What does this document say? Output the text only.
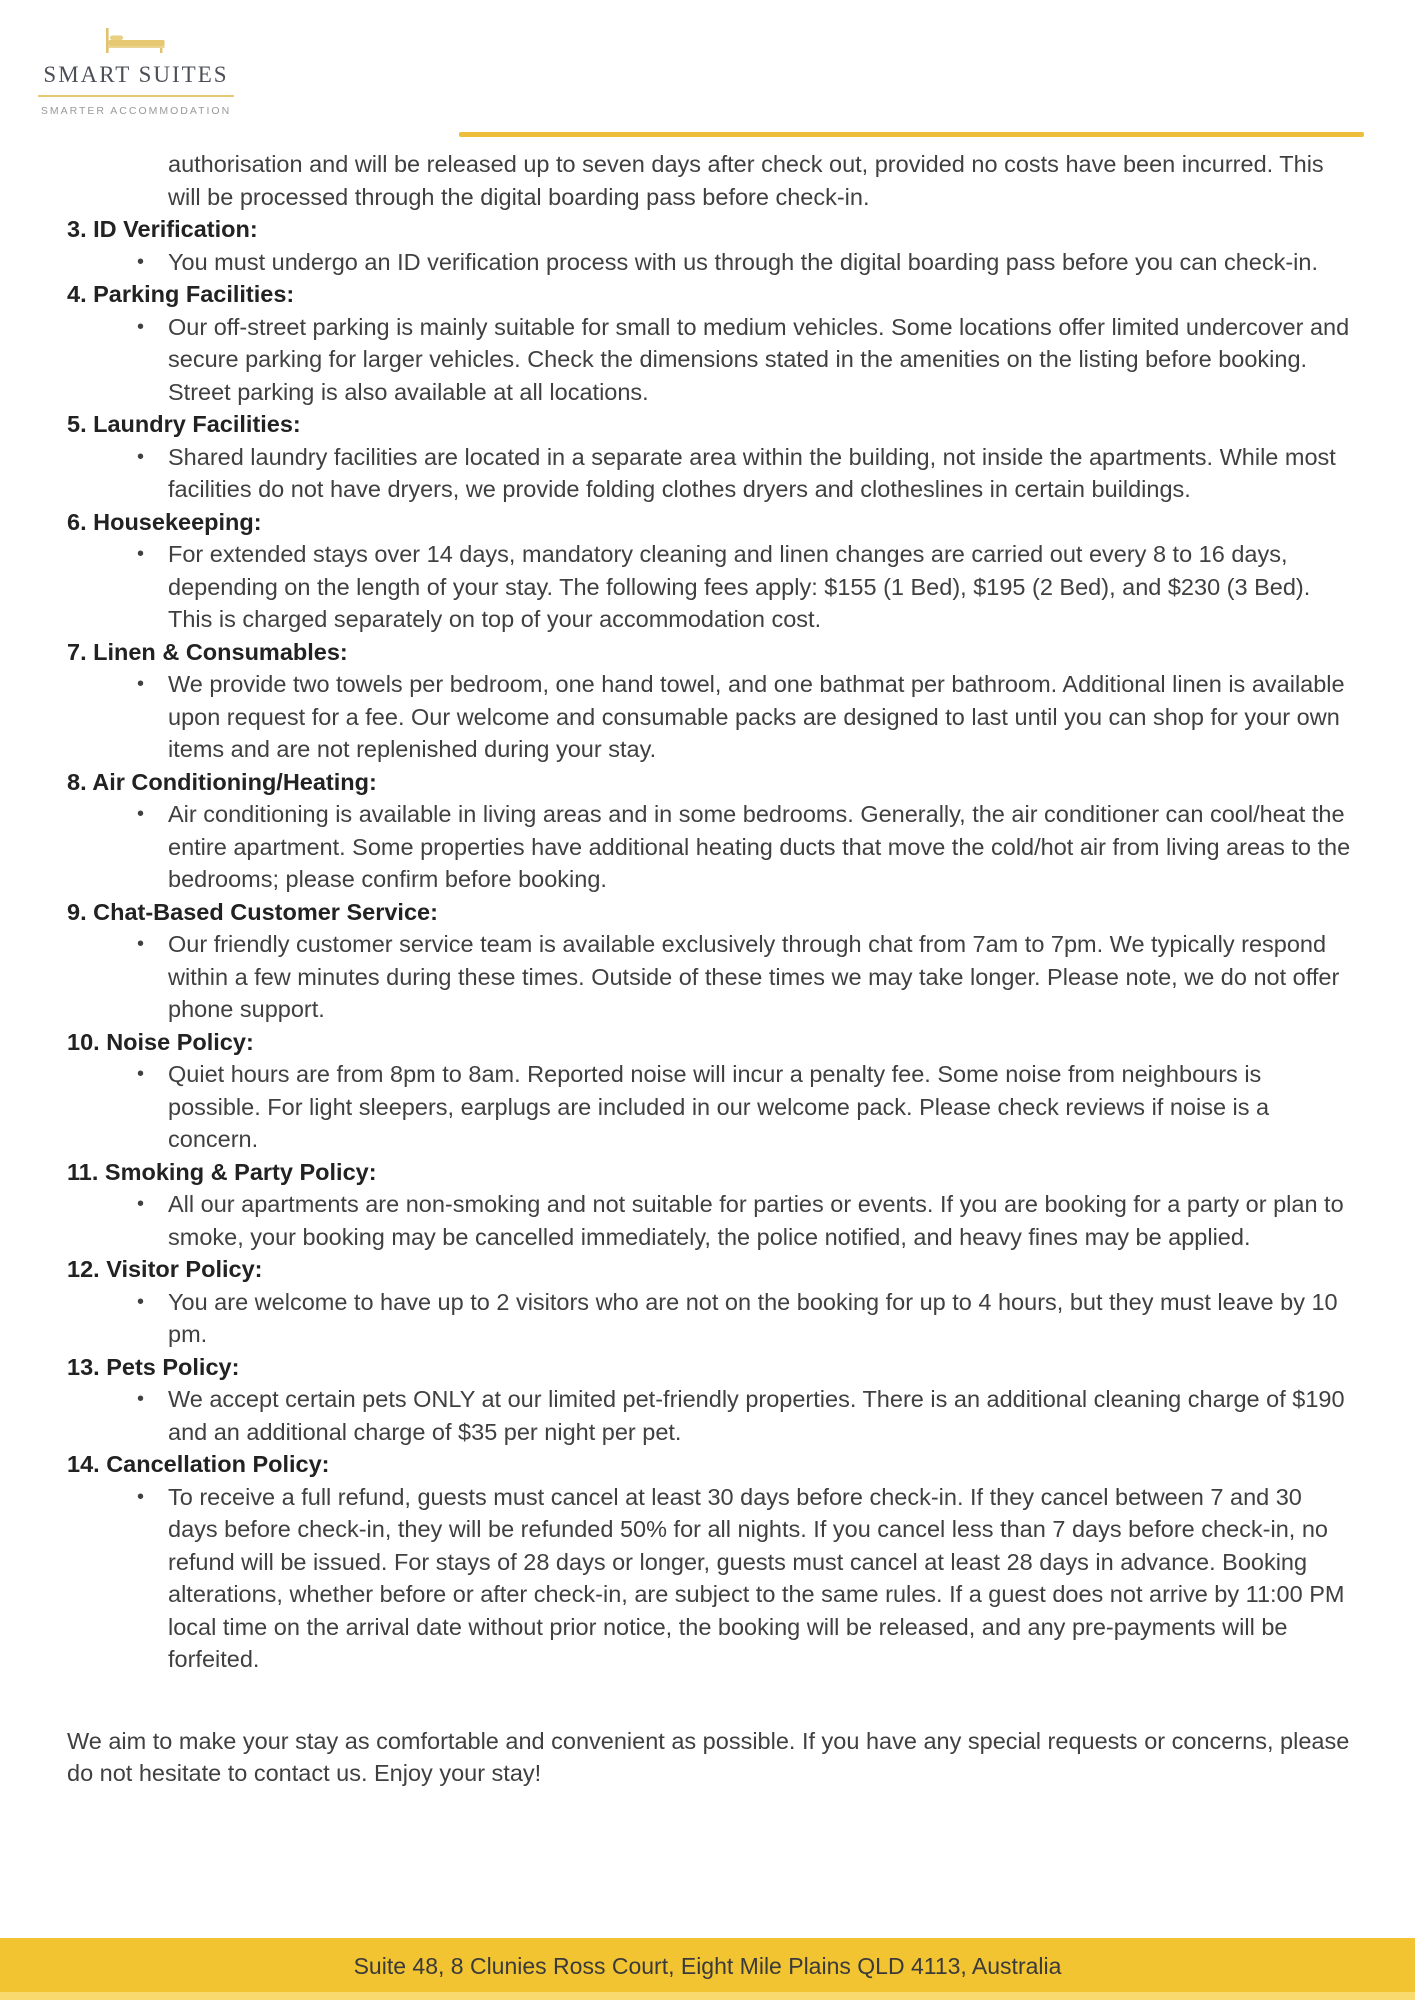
SMART SUITES
SMARTER ACCOMMODATION

authorisation and will be released up to seven days after check out, provided no costs have been incurred. This will be processed through the digital boarding pass before check-in.

3. ID Verification:
•	You must undergo an ID verification process with us through the digital boarding pass before you can check-in.
4. Parking Facilities:
•	Our off-street parking is mainly suitable for small to medium vehicles. Some locations offer limited undercover and secure parking for larger vehicles. Check the dimensions stated in the amenities on the listing before booking. Street parking is also available at all locations.
5. Laundry Facilities:
•	Shared laundry facilities are located in a separate area within the building, not inside the apartments. While most facilities do not have dryers, we provide folding clothes dryers and clotheslines in certain buildings.
6. Housekeeping:
•	For extended stays over 14 days, mandatory cleaning and linen changes are carried out every 8 to 16 days, depending on the length of your stay. The following fees apply: $155 (1 Bed), $195 (2 Bed), and $230 (3 Bed). This is charged separately on top of your accommodation cost.
7. Linen & Consumables:
•	We provide two towels per bedroom, one hand towel, and one bathmat per bathroom. Additional linen is available upon request for a fee. Our welcome and consumable packs are designed to last until you can shop for your own items and are not replenished during your stay.
8. Air Conditioning/Heating:
•	Air conditioning is available in living areas and in some bedrooms. Generally, the air conditioner can cool/heat the entire apartment. Some properties have additional heating ducts that move the cold/hot air from living areas to the bedrooms; please confirm before booking.
9. Chat-Based Customer Service:
•	Our friendly customer service team is available exclusively through chat from 7am to 7pm. We typically respond within a few minutes during these times. Outside of these times we may take longer. Please note, we do not offer phone support.
10. Noise Policy:
•	Quiet hours are from 8pm to 8am. Reported noise will incur a penalty fee. Some noise from neighbours is possible. For light sleepers, earplugs are included in our welcome pack. Please check reviews if noise is a concern.
11. Smoking & Party Policy:
•	All our apartments are non-smoking and not suitable for parties or events. If you are booking for a party or plan to smoke, your booking may be cancelled immediately, the police notified, and heavy fines may be applied.
12. Visitor Policy:
•	You are welcome to have up to 2 visitors who are not on the booking for up to 4 hours, but they must leave by 10 pm.
13. Pets Policy:
•	We accept certain pets ONLY at our limited pet-friendly properties. There is an additional cleaning charge of $190 and an additional charge of $35 per night per pet.
14. Cancellation Policy:
•	To receive a full refund, guests must cancel at least 30 days before check-in. If they cancel between 7 and 30 days before check-in, they will be refunded 50% for all nights. If you cancel less than 7 days before check-in, no refund will be issued. For stays of 28 days or longer, guests must cancel at least 28 days in advance. Booking alterations, whether before or after check-in, are subject to the same rules. If a guest does not arrive by 11:00 PM local time on the arrival date without prior notice, the booking will be released, and any pre-payments will be forfeited.

We aim to make your stay as comfortable and convenient as possible. If you have any special requests or concerns, please do not hesitate to contact us. Enjoy your stay!

Suite 48, 8 Clunies Ross Court, Eight Mile Plains QLD 4113, Australia
